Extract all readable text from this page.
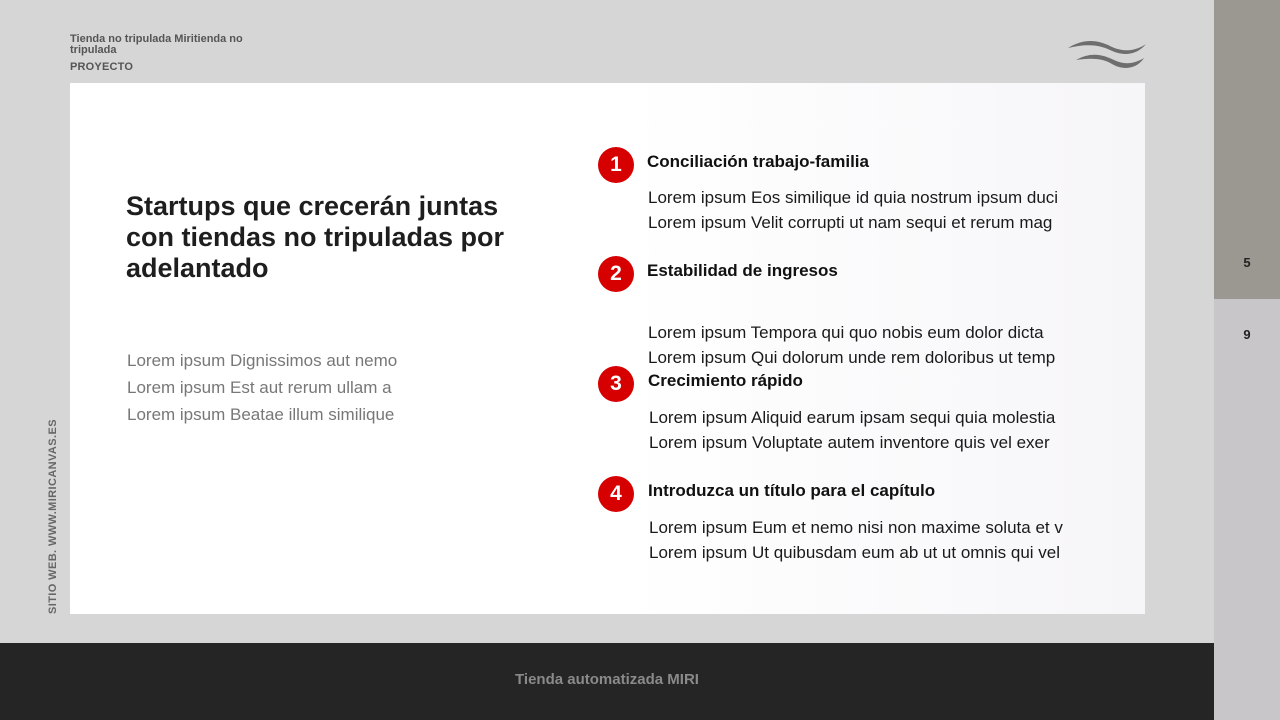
Tienda no tripulada Miritienda no tripulada
PROYECTO
Startups que crecerán juntas con tiendas no tripuladas por adelantado
Lorem ipsum Dignissimos aut nemo
Lorem ipsum Est aut rerum ullam a
Lorem ipsum Beatae illum similique
1	Conciliación trabajo-familia
Lorem ipsum Eos similique id quia nostrum ipsum duci
Lorem ipsum Velit corrupti ut nam sequi et rerum mag
2	Estabilidad de ingresos
Lorem ipsum Tempora qui quo nobis eum dolor dicta
Lorem ipsum Qui dolorum unde rem doloribus ut temp
3	Crecimiento rápido
Lorem ipsum Aliquid earum ipsam sequi quia molestia
Lorem ipsum Voluptate autem inventore quis vel exer
4	Introduzca un título para el capítulo
Lorem ipsum Eum et nemo nisi non maxime soluta et v
Lorem ipsum Ut quibusdam eum ab ut ut omnis qui vel
SITIO WEB. WWW.MIRICANVAS.ES
Tienda automatizada MIRI
5
9
